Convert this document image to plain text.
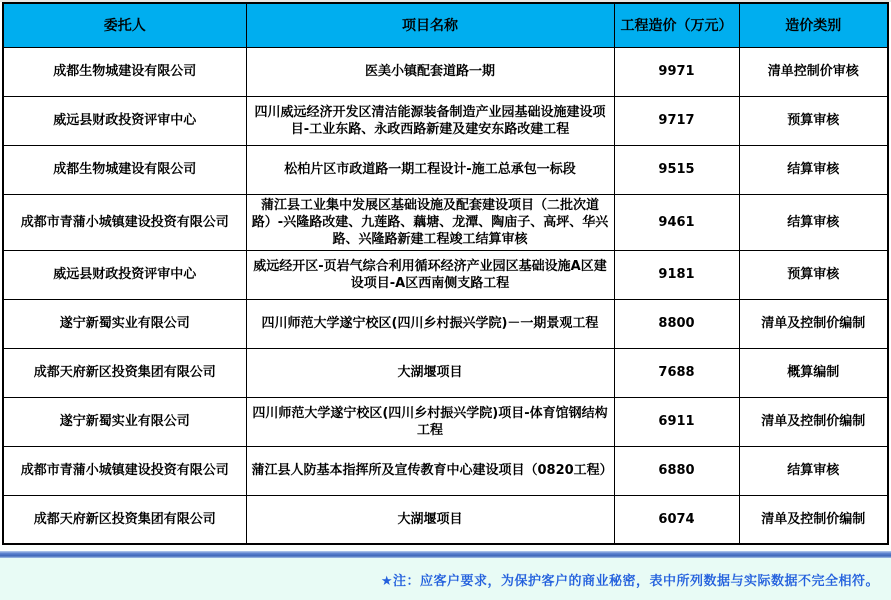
委托人	项目名称	工程造价（万元）	造价类别
成都生物城建设有限公司	医美小镇配套道路一期	9971	清单控制价审核
威远县财政投资评审中心	四川威远经济开发区清洁能源装备制造产业园基础设施建设项目-工业东路、永政西路新建及建安东路改建工程	9717	预算审核
成都生物城建设有限公司	松柏片区市政道路一期工程设计-施工总承包一标段	9515	结算审核
成都市青蒲小城镇建设投资有限公司	蒲江县工业集中发展区基础设施及配套建设项目（二批次道路）-兴隆路改建、九莲路、藕塘、龙潭、陶庙子、高坪、华兴路、兴隆路新建工程竣工结算审核	9461	结算审核
威远县财政投资评审中心	威远经开区-页岩气综合利用循环经济产业园区基础设施A区建设项目-A区西南侧支路工程	9181	预算审核
遂宁新蜀实业有限公司	四川师范大学遂宁校区(四川乡村振兴学院)－一期景观工程	8800	清单及控制价编制
成都天府新区投资集团有限公司	大湖堰项目	7688	概算编制
遂宁新蜀实业有限公司	四川师范大学遂宁校区(四川乡村振兴学院)项目-体育馆钢结构工程	6911	清单及控制价编制
成都市青蒲小城镇建设投资有限公司	蒲江县人防基本指挥所及宣传教育中心建设项目（0820工程）	6880	结算审核
成都天府新区投资集团有限公司	大湖堰项目	6074	清单及控制价编制
★注：应客户要求，为保护客户的商业秘密，表中所列数据与实际数据不完全相符。
